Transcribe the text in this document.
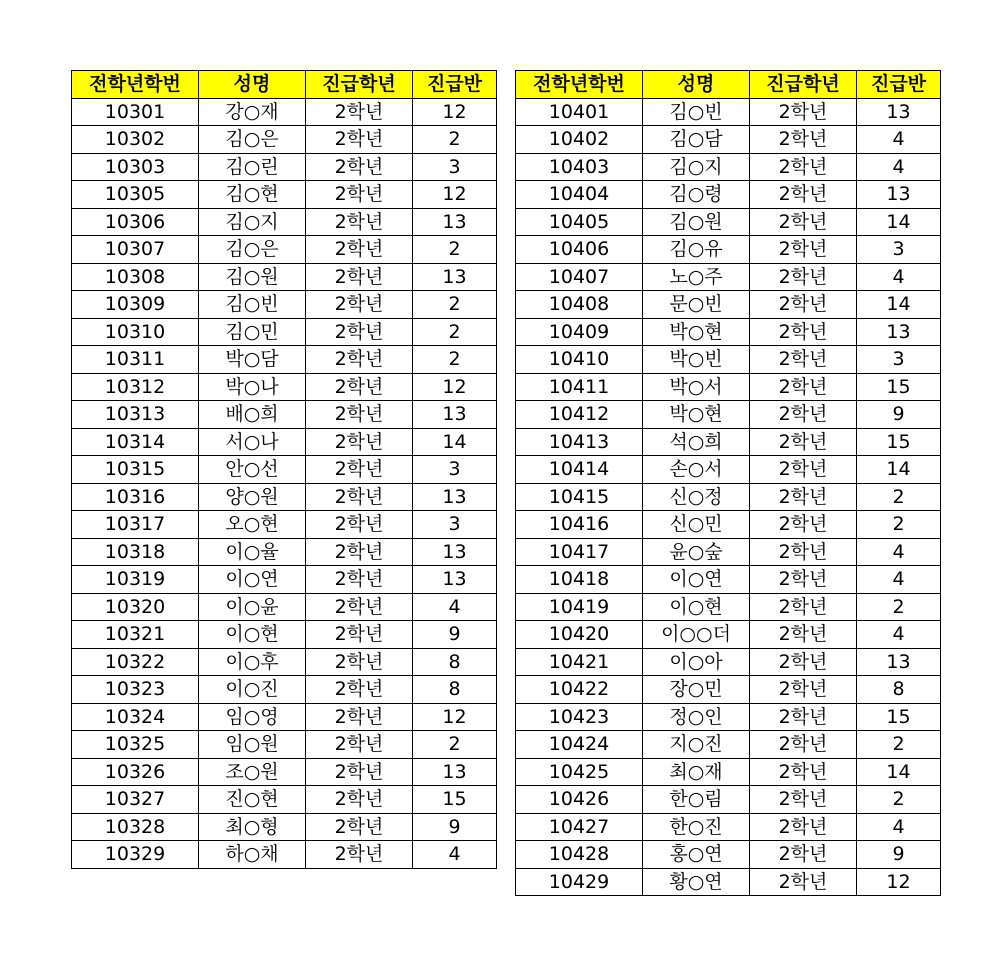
전학년학번	성명	진급학년	진급반
10301	강○재	2학년	12
10302	김○은	2학년	2
10303	김○린	2학년	3
10305	김○현	2학년	12
10306	김○지	2학년	13
10307	김○은	2학년	2
10308	김○원	2학년	13
10309	김○빈	2학년	2
10310	김○민	2학년	2
10311	박○담	2학년	2
10312	박○나	2학년	12
10313	배○희	2학년	13
10314	서○나	2학년	14
10315	안○선	2학년	3
10316	양○원	2학년	13
10317	오○현	2학년	3
10318	이○율	2학년	13
10319	이○연	2학년	13
10320	이○윤	2학년	4
10321	이○현	2학년	9
10322	이○후	2학년	8
10323	이○진	2학년	8
10324	임○영	2학년	12
10325	임○원	2학년	2
10326	조○원	2학년	13
10327	진○현	2학년	15
10328	최○형	2학년	9
10329	하○채	2학년	4
전학년학번	성명	진급학년	진급반
10401	김○빈	2학년	13
10402	김○담	2학년	4
10403	김○지	2학년	4
10404	김○령	2학년	13
10405	김○원	2학년	14
10406	김○유	2학년	3
10407	노○주	2학년	4
10408	문○빈	2학년	14
10409	박○현	2학년	13
10410	박○빈	2학년	3
10411	박○서	2학년	15
10412	박○현	2학년	9
10413	석○희	2학년	15
10414	손○서	2학년	14
10415	신○정	2학년	2
10416	신○민	2학년	2
10417	윤○숲	2학년	4
10418	이○연	2학년	4
10419	이○현	2학년	2
10420	이○○더	2학년	4
10421	이○아	2학년	13
10422	장○민	2학년	8
10423	정○인	2학년	15
10424	지○진	2학년	2
10425	최○재	2학년	14
10426	한○림	2학년	2
10427	한○진	2학년	4
10428	홍○연	2학년	9
10429	황○연	2학년	12
